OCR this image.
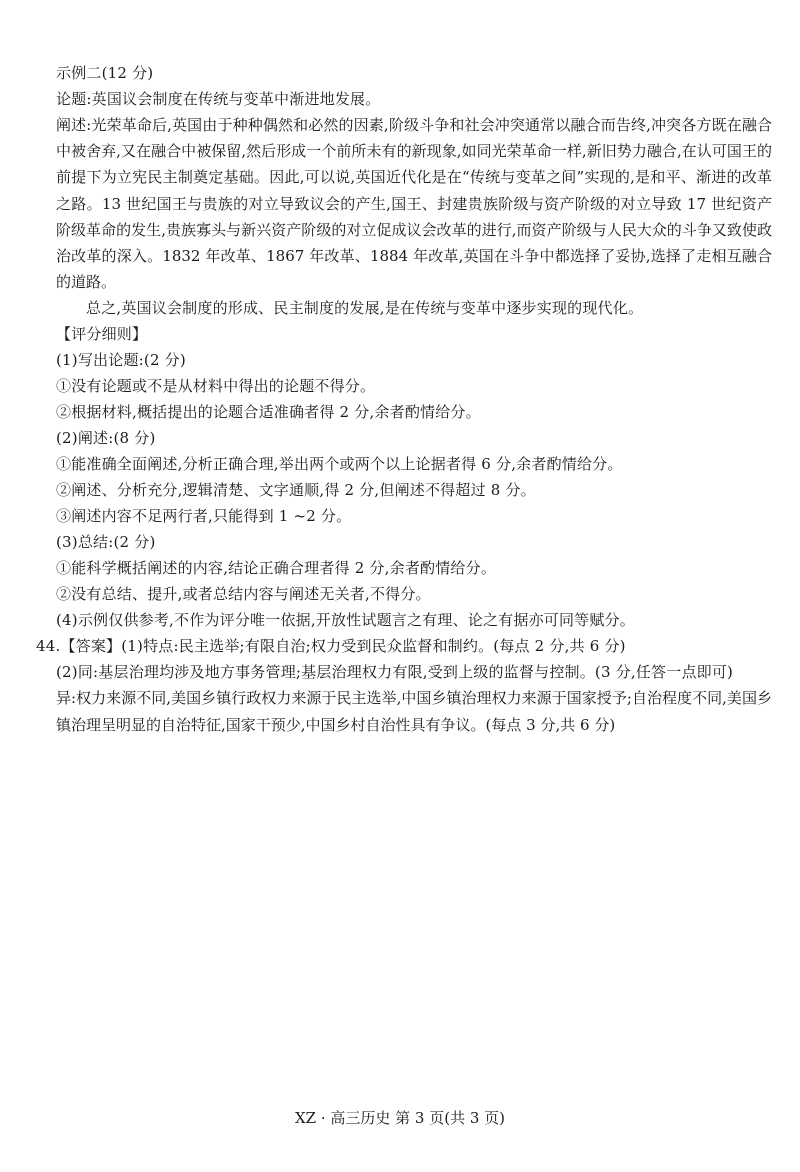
示例二(12 分)
论题:英国议会制度在传统与变革中渐进地发展。
阐述:光荣革命后,英国由于种种偶然和必然的因素,阶级斗争和社会冲突通常以融合而告终,冲突各方既在融合中被舍弃,又在融合中被保留,然后形成一个前所未有的新现象,如同光荣革命一样,新旧势力融合,在认可国王的前提下为立宪民主制奠定基础。因此,可以说,英国近代化是在“传统与变革之间”实现的,是和平、渐进的改革之路。13 世纪国王与贵族的对立导致议会的产生,国王、封建贵族阶级与资产阶级的对立导致 17 世纪资产阶级革命的发生,贵族寡头与新兴资产阶级的对立促成议会改革的进行,而资产阶级与人民大众的斗争又致使政治改革的深入。1832 年改革、1867 年改革、1884 年改革,英国在斗争中都选择了妥协,选择了走相互融合的道路。
总之,英国议会制度的形成、民主制度的发展,是在传统与变革中逐步实现的现代化。
【评分细则】
(1)写出论题:(2 分)
①没有论题或不是从材料中得出的论题不得分。
②根据材料,概括提出的论题合适准确者得 2 分,余者酌情给分。
(2)阐述:(8 分)
①能准确全面阐述,分析正确合理,举出两个或两个以上论据者得 6 分,余者酌情给分。
②阐述、分析充分,逻辑清楚、文字通顺,得 2 分,但阐述不得超过 8 分。
③阐述内容不足两行者,只能得到 1 ~2 分。
(3)总结:(2 分)
①能科学概括阐述的内容,结论正确合理者得 2 分,余者酌情给分。
②没有总结、提升,或者总结内容与阐述无关者,不得分。
(4)示例仅供参考,不作为评分唯一依据,开放性试题言之有理、论之有据亦可同等赋分。
44.【答案】(1)特点:民主选举;有限自治;权力受到民众监督和制约。(每点 2 分,共 6 分)
(2)同:基层治理均涉及地方事务管理;基层治理权力有限,受到上级的监督与控制。(3 分,任答一点即可)
异:权力来源不同,美国乡镇行政权力来源于民主选举,中国乡镇治理权力来源于国家授予;自治程度不同,美国乡镇治理呈明显的自治特征,国家干预少,中国乡村自治性具有争议。(每点 3 分,共 6 分)
XZ · 高三历史 第 3 页(共 3 页)
